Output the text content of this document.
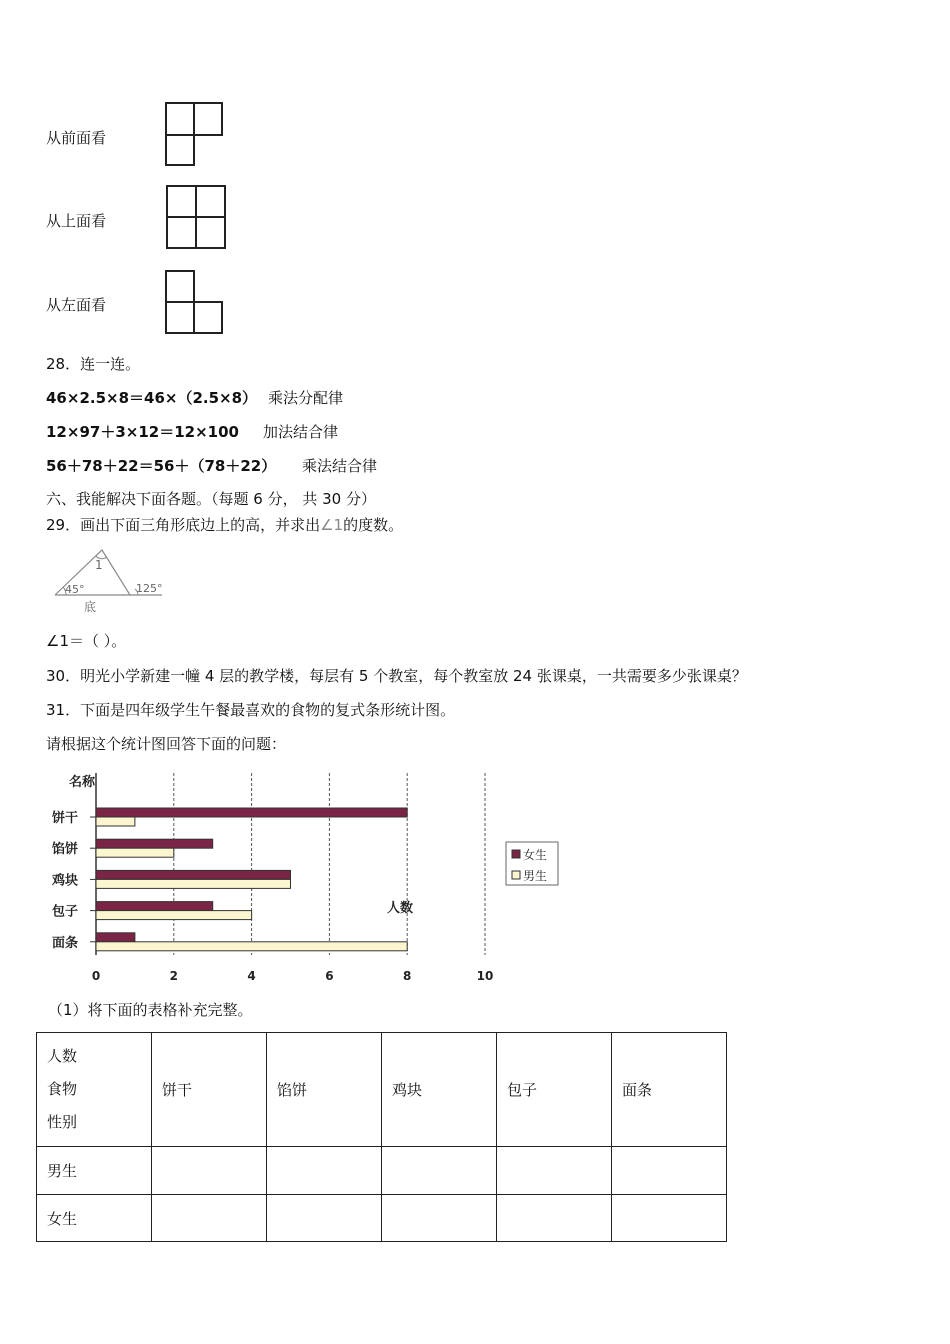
从前面看
从上面看
从左面看
28．连一连。
46×2.5×8＝46×（2.5×8） 乘法分配律
12×97＋3×12＝12×100 加法结合律
56＋78＋22＝56＋（78＋22） 乘法结合律
六、我能解决下面各题。（每题 6 分， 共 30 分）
29．画出下面三角形底边上的高，并求出∠1的度数。
1
45°	125°
底
∠1＝（ ）。
30．明光小学新建一幢 4 层的教学楼，每层有 5 个教室，每个教室放 24 张课桌，一共需要多少张课桌？
31．下面是四年级学生午餐最喜欢的食物的复式条形统计图。
请根据这个统计图回答下面的问题：
0	2	4	6	8	10
名称
饼干
馅饼
鸡块
包子
面条
人数
女生
男生
（1）将下面的表格补充完整。
人数
食物
性别	饼干	馅饼	鸡块	包子	面条
男生					
女生					
